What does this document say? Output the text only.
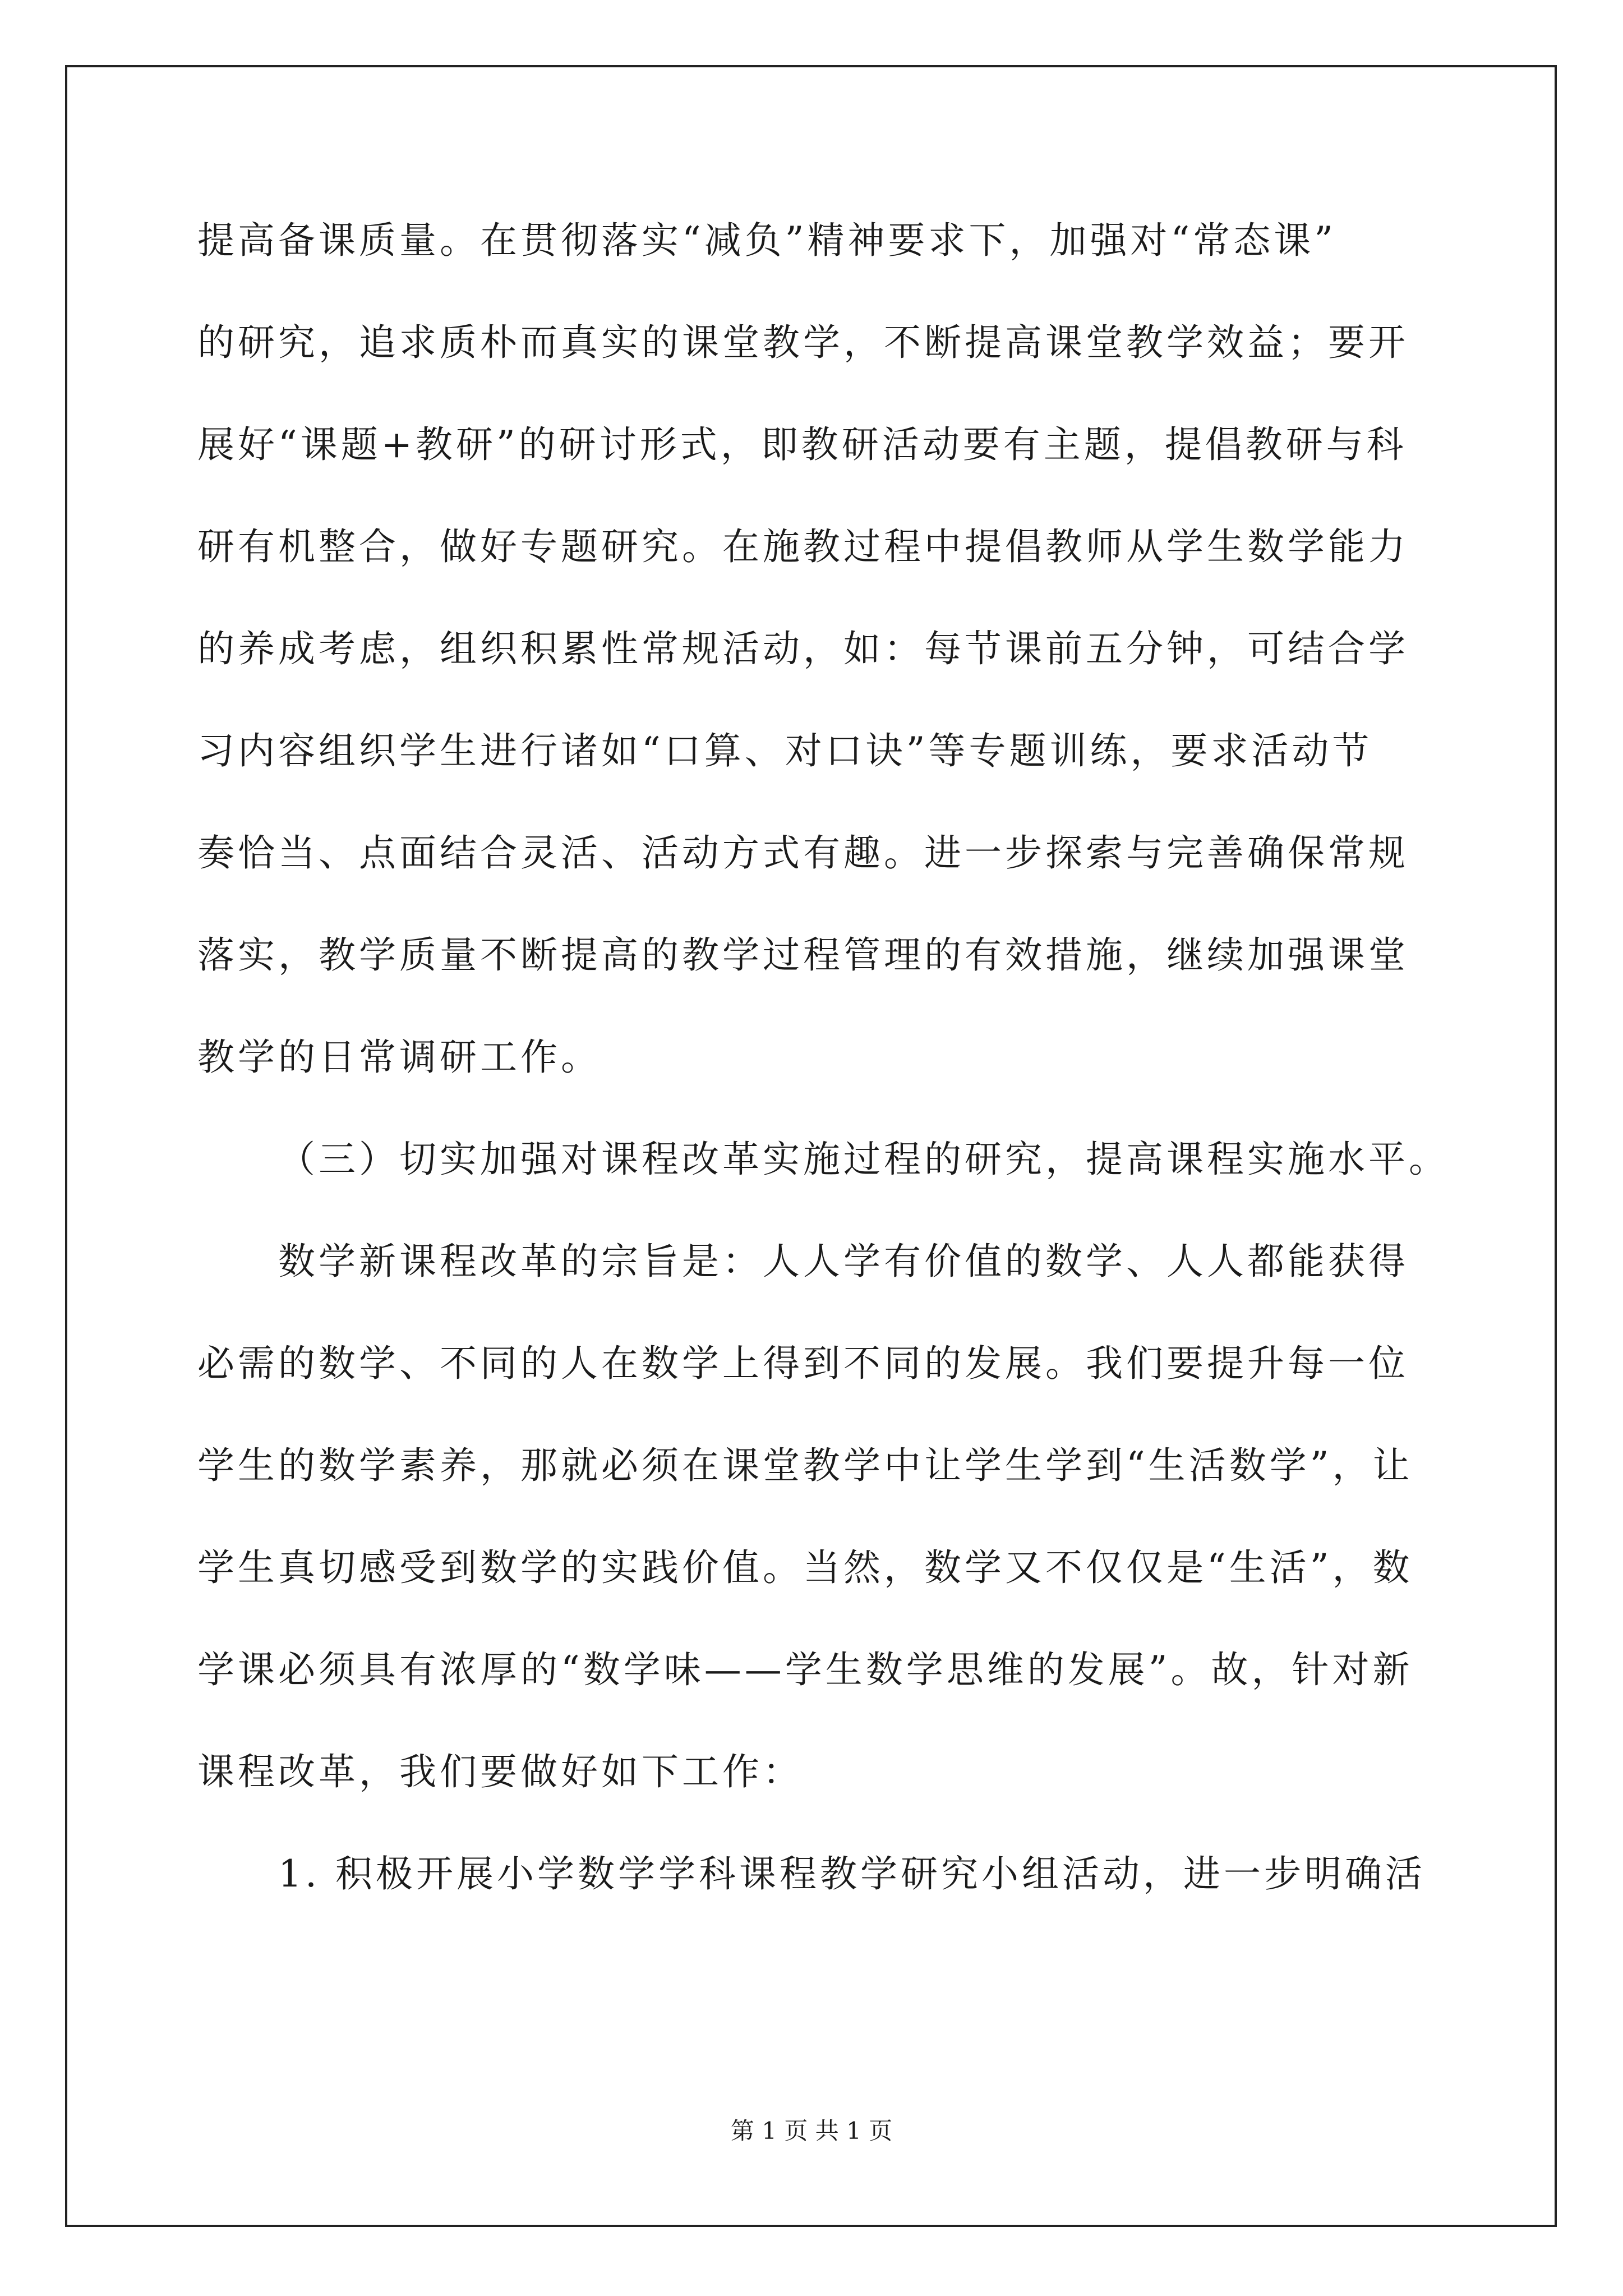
提高备课质量。在贯彻落实“减负”精神要求下，加强对“常态课”
的研究，追求质朴而真实的课堂教学，不断提高课堂教学效益；要开
展好“课题+教研”的研讨形式，即教研活动要有主题，提倡教研与科
研有机整合，做好专题研究。在施教过程中提倡教师从学生数学能力
的养成考虑，组织积累性常规活动，如：每节课前五分钟，可结合学
习内容组织学生进行诸如“口算、对口诀”等专题训练，要求活动节
奏恰当、点面结合灵活、活动方式有趣。进一步探索与完善确保常规
落实，教学质量不断提高的教学过程管理的有效措施，继续加强课堂
教学的日常调研工作。
（三）切实加强对课程改革实施过程的研究，提高课程实施水平。
数学新课程改革的宗旨是：人人学有价值的数学、人人都能获得
必需的数学、不同的人在数学上得到不同的发展。我们要提升每一位
学生的数学素养，那就必须在课堂教学中让学生学到“生活数学”，让
学生真切感受到数学的实践价值。当然，数学又不仅仅是“生活”，数
学课必须具有浓厚的“数学味——学生数学思维的发展”。故，针对新
课程改革，我们要做好如下工作：
1. 积极开展小学数学学科课程教学研究小组活动，进一步明确活
第 1 页 共 1 页
